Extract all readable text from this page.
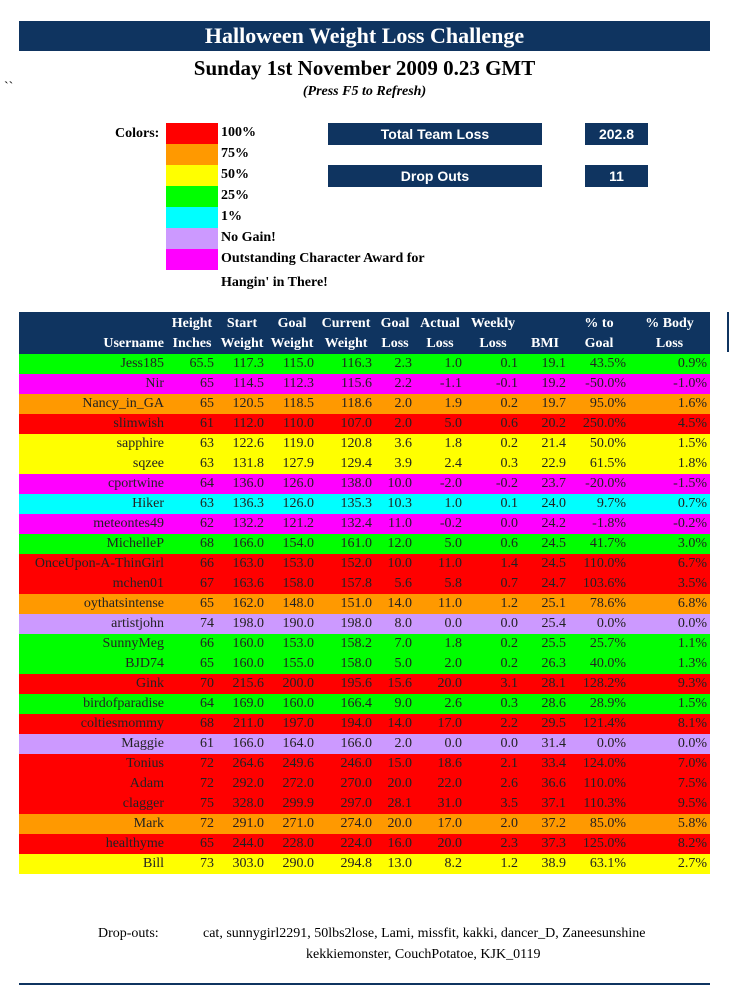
Halloween Weight Loss Challenge
Sunday 1st November 2009 0.23 GMT
(Press F5 to Refresh)
``
Colors:	100%
75%
50%
25%
1%
No Gain!
Outstanding Character Award for
Hangin' in There!
Total Team Loss	202.8
Drop Outs	11
	Height	Start	Goal	Current	Goal	Actual	Weekly		% to	% Body
Username	Inches	Weight	Weight	Weight	Loss	Loss	Loss	BMI	Goal	Loss
Jess185	65.5	117.3	115.0	116.3	2.3	1.0	0.1	19.1	43.5%	0.9%
Nir	65	114.5	112.3	115.6	2.2	-1.1	-0.1	19.2	-50.0%	-1.0%
Nancy_in_GA	65	120.5	118.5	118.6	2.0	1.9	0.2	19.7	95.0%	1.6%
slimwish	61	112.0	110.0	107.0	2.0	5.0	0.6	20.2	250.0%	4.5%
sapphire	63	122.6	119.0	120.8	3.6	1.8	0.2	21.4	50.0%	1.5%
sqzee	63	131.8	127.9	129.4	3.9	2.4	0.3	22.9	61.5%	1.8%
cportwine	64	136.0	126.0	138.0	10.0	-2.0	-0.2	23.7	-20.0%	-1.5%
Hiker	63	136.3	126.0	135.3	10.3	1.0	0.1	24.0	9.7%	0.7%
meteontes49	62	132.2	121.2	132.4	11.0	-0.2	0.0	24.2	-1.8%	-0.2%
MichelleP	68	166.0	154.0	161.0	12.0	5.0	0.6	24.5	41.7%	3.0%
OnceUpon-A-ThinGirl	66	163.0	153.0	152.0	10.0	11.0	1.4	24.5	110.0%	6.7%
mchen01	67	163.6	158.0	157.8	5.6	5.8	0.7	24.7	103.6%	3.5%
oythatsintense	65	162.0	148.0	151.0	14.0	11.0	1.2	25.1	78.6%	6.8%
artistjohn	74	198.0	190.0	198.0	8.0	0.0	0.0	25.4	0.0%	0.0%
SunnyMeg	66	160.0	153.0	158.2	7.0	1.8	0.2	25.5	25.7%	1.1%
BJD74	65	160.0	155.0	158.0	5.0	2.0	0.2	26.3	40.0%	1.3%
Gink	70	215.6	200.0	195.6	15.6	20.0	3.1	28.1	128.2%	9.3%
birdofparadise	64	169.0	160.0	166.4	9.0	2.6	0.3	28.6	28.9%	1.5%
coltiesmommy	68	211.0	197.0	194.0	14.0	17.0	2.2	29.5	121.4%	8.1%
Maggie	61	166.0	164.0	166.0	2.0	0.0	0.0	31.4	0.0%	0.0%
Tonius	72	264.6	249.6	246.0	15.0	18.6	2.1	33.4	124.0%	7.0%
Adam	72	292.0	272.0	270.0	20.0	22.0	2.6	36.6	110.0%	7.5%
clagger	75	328.0	299.9	297.0	28.1	31.0	3.5	37.1	110.3%	9.5%
Mark	72	291.0	271.0	274.0	20.0	17.0	2.0	37.2	85.0%	5.8%
healthyme	65	244.0	228.0	224.0	16.0	20.0	2.3	37.3	125.0%	8.2%
Bill	73	303.0	290.0	294.8	13.0	8.2	1.2	38.9	63.1%	2.7%
Drop-outs:	cat, sunnygirl2291, 50lbs2lose, Lami, missfit, kakki, dancer_D, Zaneesunshine
kekkiemonster, CouchPotatoe, KJK_0119
